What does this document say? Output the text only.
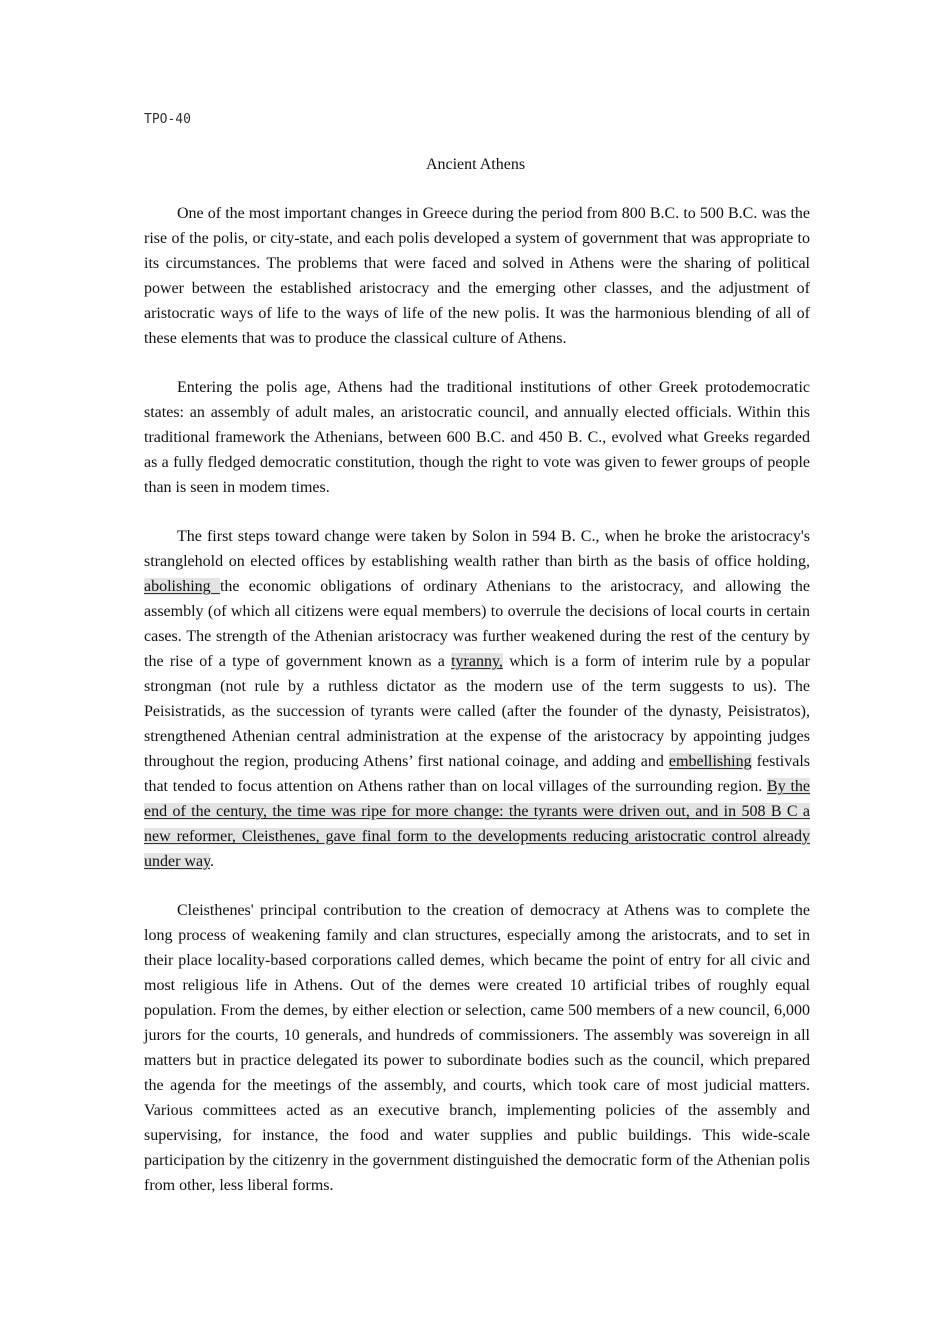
TPO-40
Ancient Athens

One of the most important changes in Greece during the period from 800 B.C. to 500 B.C. was the rise of the polis, or city-state, and each polis developed a system of government that was appropriate to its circumstances. The problems that were faced and solved in Athens were the sharing of political power between the established aristocracy and the emerging other classes, and the adjustment of aristocratic ways of life to the ways of life of the new polis. It was the harmonious blending of all of these elements that was to produce the classical culture of Athens.

Entering the polis age, Athens had the traditional institutions of other Greek protodemocratic states: an assembly of adult males, an aristocratic council, and annually elected officials. Within this traditional framework the Athenians, between 600 B.C. and 450 B. C., evolved what Greeks regarded as a fully fledged democratic constitution, though the right to vote was given to fewer groups of people than is seen in modem times.

The first steps toward change were taken by Solon in 594 B. C., when he broke the aristocracy's stranglehold on elected offices by establishing wealth rather than birth as the basis of office holding, abolishing the economic obligations of ordinary Athenians to the aristocracy, and allowing the assembly (of which all citizens were equal members) to overrule the decisions of local courts in certain cases. The strength of the Athenian aristocracy was further weakened during the rest of the century by the rise of a type of government known as a tyranny, which is a form of interim rule by a popular strongman (not rule by a ruthless dictator as the modern use of the term suggests to us). The Peisistratids, as the succession of tyrants were called (after the founder of the dynasty, Peisistratos), strengthened Athenian central administration at the expense of the aristocracy by appointing judges throughout the region, producing Athens’ first national coinage, and adding and embellishing festivals that tended to focus attention on Athens rather than on local villages of the surrounding region. By the end of the century, the time was ripe for more change: the tyrants were driven out, and in 508 B C a new reformer, Cleisthenes, gave final form to the developments reducing aristocratic control already under way.

Cleisthenes' principal contribution to the creation of democracy at Athens was to complete the long process of weakening family and clan structures, especially among the aristocrats, and to set in their place locality-based corporations called demes, which became the point of entry for all civic and most religious life in Athens. Out of the demes were created 10 artificial tribes of roughly equal population. From the demes, by either election or selection, came 500 members of a new council, 6,000 jurors for the courts, 10 generals, and hundreds of commissioners. The assembly was sovereign in all matters but in practice delegated its power to subordinate bodies such as the council, which prepared the agenda for the meetings of the assembly, and courts, which took care of most judicial matters. Various committees acted as an executive branch, implementing policies of the assembly and supervising, for instance, the food and water supplies and public buildings. This wide-scale participation by the citizenry in the government distinguished the democratic form of the Athenian polis from other, less liberal forms.
